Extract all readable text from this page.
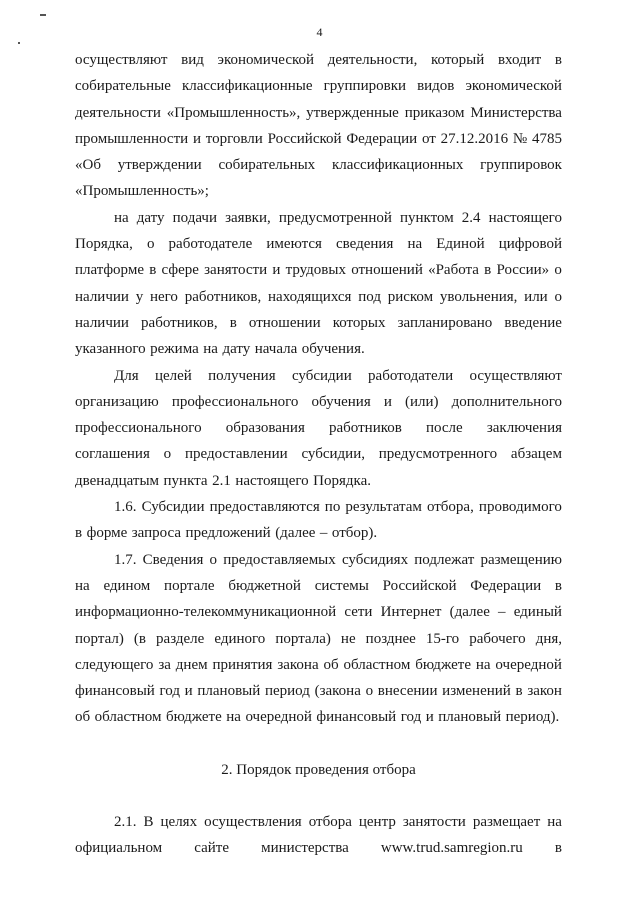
4
осуществляют вид экономической деятельности, который входит в
собирательные классификационные группировки видов экономической
деятельности «Промышленность», утвержденные приказом Министерства
промышленности и торговли Российской Федерации от 27.12.2016 № 4785
«Об утверждении собирательных классификационных группировок
«Промышленность»;
на дату подачи заявки, предусмотренной пунктом 2.4 настоящего
Порядка, о работодателе имеются сведения на Единой цифровой
платформе в сфере занятости и трудовых отношений «Работа в России» о
наличии у него работников, находящихся под риском увольнения, или о
наличии работников, в отношении которых запланировано введение
указанного режима на дату начала обучения.
Для целей получения субсидии работодатели осуществляют
организацию профессионального обучения и (или) дополнительного
профессионального образования работников после заключения
соглашения о предоставлении субсидии, предусмотренного абзацем
двенадцатым пункта 2.1 настоящего Порядка.
1.6. Субсидии предоставляются по результатам отбора, проводимого
в форме запроса предложений (далее – отбор).
1.7. Сведения о предоставляемых субсидиях подлежат размещению
на едином портале бюджетной системы Российской Федерации в
информационно-телекоммуникационной сети Интернет (далее – единый
портал) (в разделе единого портала) не позднее 15-го рабочего дня,
следующего за днем принятия закона об областном бюджете на очередной
финансовый год и плановый период (закона о внесении изменений в закон
об областном бюджете на очередной финансовый год и плановый период).
2. Порядок проведения отбора
2.1. В целях осуществления отбора центр занятости размещает на
официальном сайте министерства www.trud.samregion.ru в
